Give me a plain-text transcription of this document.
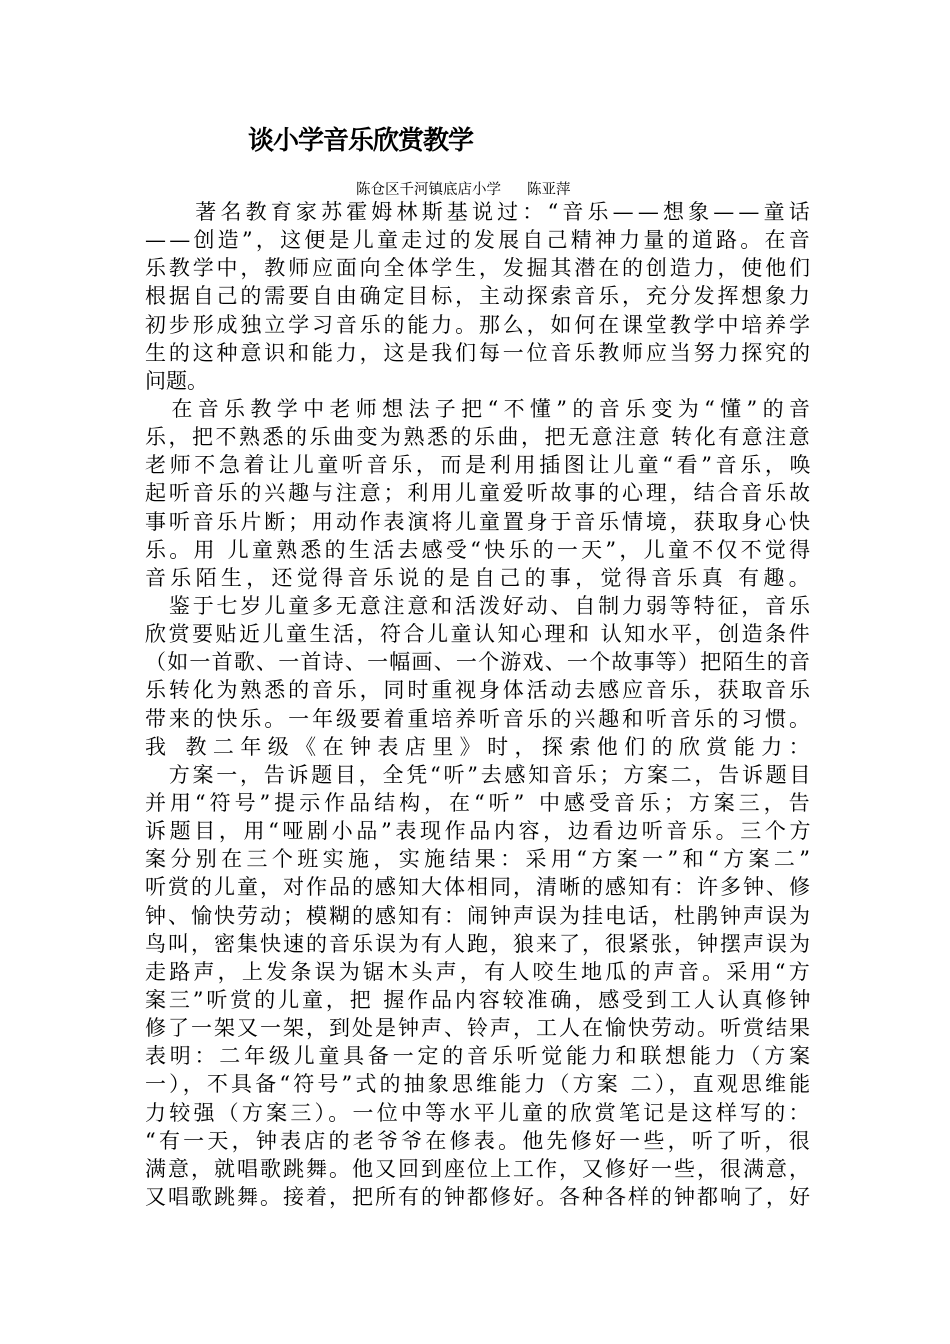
谈小学音乐欣赏教学
陈仓区千河镇底店小学 陈亚萍
　　著名教育家苏霍姆林斯基说过：“音乐——想象——童话
——创造”，这便是儿童走过的发展自己精神力量的道路。在音
乐教学中，教师应面向全体学生，发掘其潜在的创造力，使他们
根据自己的需要自由确定目标，主动探索音乐，充分发挥想象力
初步形成独立学习音乐的能力。那么，如何在课堂教学中培养学
生的这种意识和能力，这是我们每一位音乐教师应当努力探究的
问题。
　在音乐教学中老师想法子把“不懂”的音乐变为“懂”的音
乐，把不熟悉的乐曲变为熟悉的乐曲，把无意注意 转化有意注意
老师不急着让儿童听音乐，而是利用插图让儿童“看”音乐，唤
起听音乐的兴趣与注意；利用儿童爱听故事的心理，结合音乐故
事听音乐片断；用动作表演将儿童置身于音乐情境，获取身心快
乐。用 儿童熟悉的生活去感受“快乐的一天”，儿童不仅不觉得
音乐陌生，还觉得音乐说的是自己的事，觉得音乐真 有趣。
　鉴于七岁儿童多无意注意和活泼好动、自制力弱等特征，音乐
欣赏要贴近儿童生活，符合儿童认知心理和 认知水平，创造条件
（如一首歌、一首诗、一幅画、一个游戏、一个故事等）把陌生的音
乐转化为熟悉的音乐，同时重视身体活动去感应音乐，获取音乐
带来的快乐。一年级要着重培养听音乐的兴趣和听音乐的习惯。
我 教二年级《在钟表店里》时，探索他们的欣赏能力：
　方案一，告诉题目，全凭“听”去感知音乐；方案二，告诉题目
并用“符号”提示作品结构，在“听” 中感受音乐；方案三，告
诉题目，用“哑剧小品”表现作品内容，边看边听音乐。三个方
案分别在三个班实施，实施结果：采用“方案一”和“方案二”
听赏的儿童，对作品的感知大体相同，清晰的感知有：许多钟、修
钟、愉快劳动；模糊的感知有：闹钟声误为挂电话，杜鹃钟声误为
鸟叫，密集快速的音乐误为有人跑，狼来了，很紧张，钟摆声误为
走路声，上发条误为锯木头声，有人咬生地瓜的声音。采用“方
案三”听赏的儿童，把 握作品内容较准确，感受到工人认真修钟
修了一架又一架，到处是钟声、铃声，工人在愉快劳动。听赏结果
表明：二年级儿童具备一定的音乐听觉能力和联想能力（方案
一），不具备“符号”式的抽象思维能力（方案 二），直观思维能
力较强（方案三）。一位中等水平儿童的欣赏笔记是这样写的：
“有一天，钟表店的老爷爷在修表。他先修好一些，听了听，很
满意，就唱歌跳舞。他又回到座位上工作，又修好一些，很满意，
又唱歌跳舞。接着，把所有的钟都修好。各种各样的钟都响了，好
